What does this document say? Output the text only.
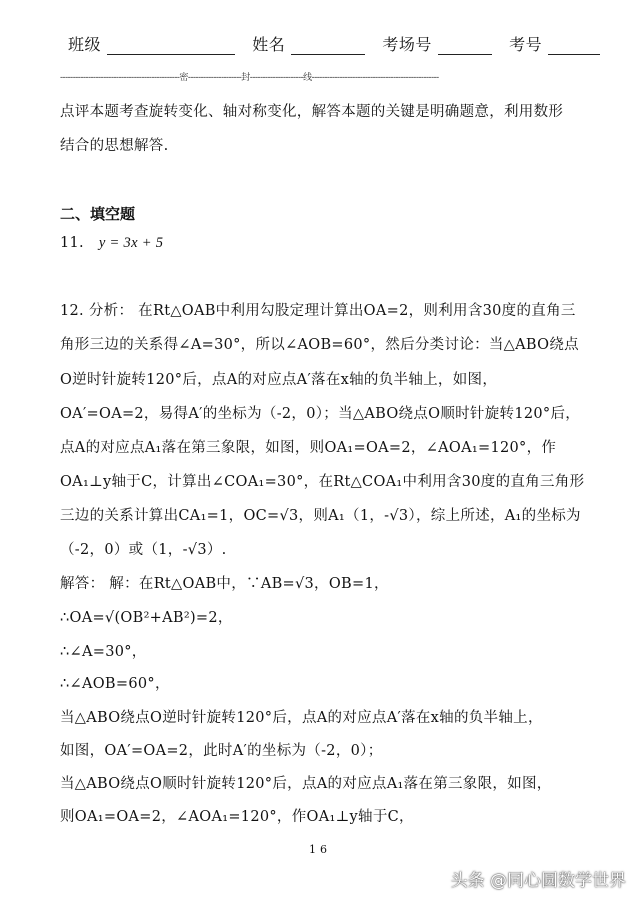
班级	姓名	考场号	考号
-----------------------------------------------密---------------------封---------------------线--------------------------------------------------
点评本题考查旋转变化、轴对称变化，解答本题的关键是明确题意，利用数形
结合的思想解答.
二、填空题
11. y = 3x + 5
12. 分析： 在Rt△OAB中利用勾股定理计算出OA=2，则利用含30度的直角三
角形三边的关系得∠A=30°，所以∠AOB=60°，然后分类讨论：当△ABO绕点
O逆时针旋转120°后，点A的对应点A′落在x轴的负半轴上，如图，
OA′=OA=2，易得A′的坐标为（-2，0）；当△ABO绕点O顺时针旋转120°后，
点A的对应点A₁落在第三象限，如图，则OA₁=OA=2，∠AOA₁=120°，作
OA₁⊥y轴于C，计算出∠COA₁=30°，在Rt△COA₁中利用含30度的直角三角形
三边的关系计算出CA₁=1，OC=√3，则A₁（1，-√3），综上所述，A₁的坐标为
（-2，0）或（1，-√3）.
解答： 解：在Rt△OAB中，∵AB=√3，OB=1，
∴OA=√(OB²+AB²)=2，
∴∠A=30°，
∴∠AOB=60°，
当△ABO绕点O逆时针旋转120°后，点A的对应点A′落在x轴的负半轴上，
如图，OA′=OA=2，此时A′的坐标为（-2，0）；
当△ABO绕点O顺时针旋转120°后，点A的对应点A₁落在第三象限，如图，
则OA₁=OA=2，∠AOA₁=120°，作OA₁⊥y轴于C，
16
头条 @同心圆数学世界
